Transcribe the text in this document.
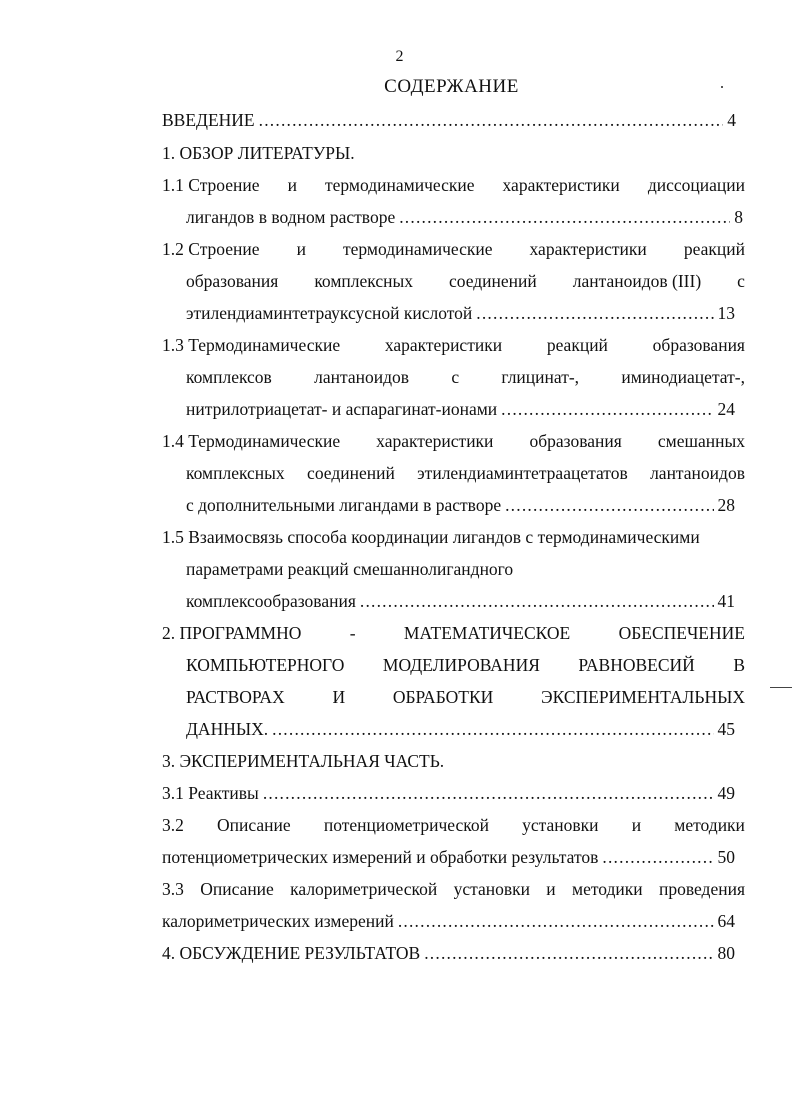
2
СОДЕРЖАНИЕ
ВВЕДЕНИЕ .....	4
1. ОБЗОР ЛИТЕРАТУРЫ.
1.1 Строение и термодинамические характеристики диссоциации
лигандов в водном растворе .....	8
1.2 Строение и термодинамические характеристики реакций
образования комплексных соединений лантаноидов (III) с
этилендиаминтетрауксусной кислотой .....	13
1.3 Термодинамические	характеристики	реакций	образования
комплексов лантаноидов с глицинат-, иминодиацетат-,
нитрилотриацетат- и аспарагинат-ионами .....	24
1.4 Термодинамические характеристики образования смешанных
комплексных соединений этилендиаминтетраацетатов лантаноидов
с дополнительными лигандами в растворе .....	28
1.5 Взаимосвязь способа координации лигандов с термодинамическими
параметрами реакций смешаннолигандного
комплексообразования .....	41
2. ПРОГРАММНО	-	МАТЕМАТИЧЕСКОЕ	ОБЕСПЕЧЕНИЕ
КОМПЬЮТЕРНОГО МОДЕЛИРОВАНИЯ РАВНОВЕСИЙ В
РАСТВОРАХ	И	ОБРАБОТКИ	ЭКСПЕРИМЕНТАЛЬНЫХ
ДАННЫХ. .....	45
3. ЭКСПЕРИМЕНТАЛЬНАЯ ЧАСТЬ.
3.1 Реактивы .....	49
3.2 Описание потенциометрической установки и методики
потенциометрических измерений и обработки результатов .....	50
3.3 Описание калориметрической установки и методики проведения
калориметрических измерений .....	64
4. ОБСУЖДЕНИЕ РЕЗУЛЬТАТОВ .....	80
